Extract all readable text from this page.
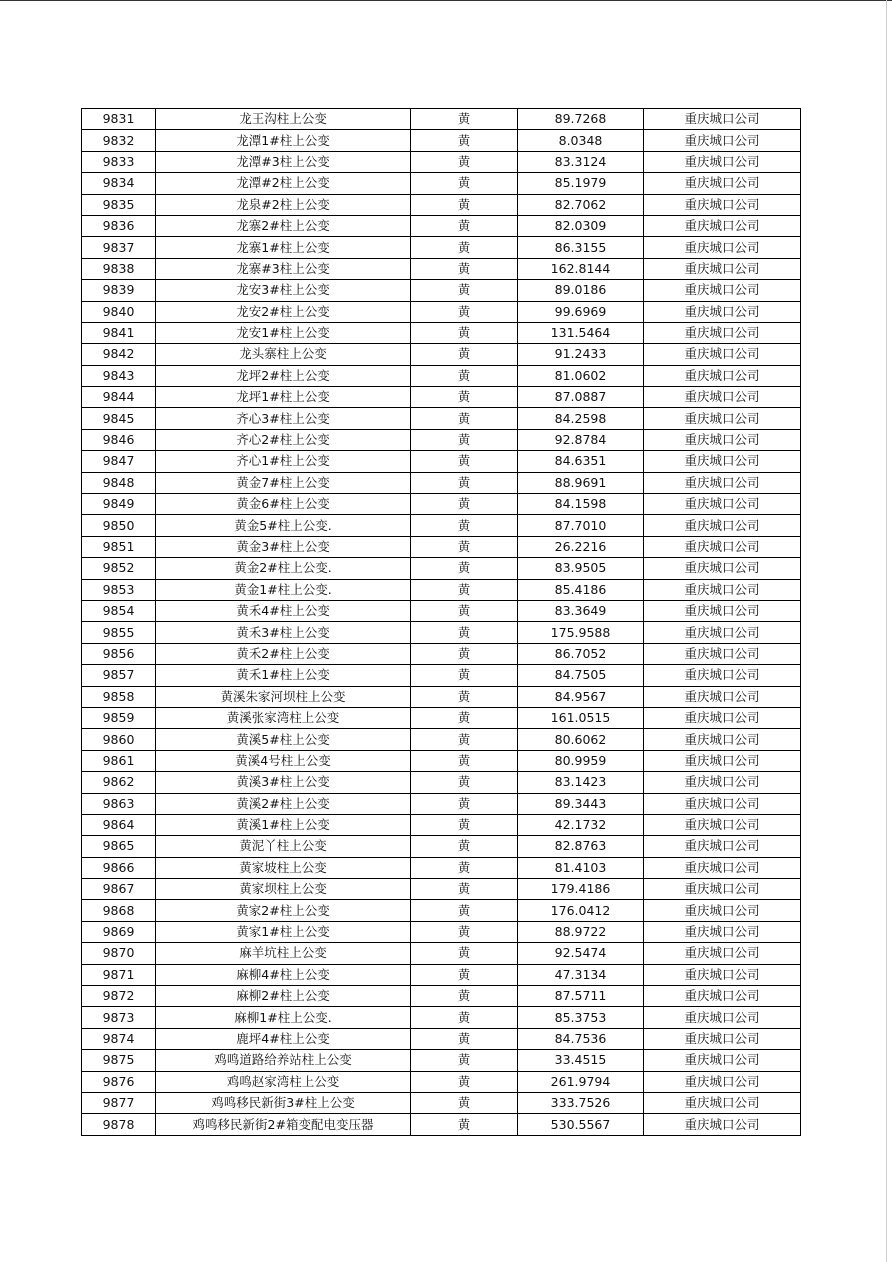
9831	龙王沟柱上公变	黄	89.7268	重庆城口公司
9832	龙潭1#柱上公变	黄	8.0348	重庆城口公司
9833	龙潭#3柱上公变	黄	83.3124	重庆城口公司
9834	龙潭#2柱上公变	黄	85.1979	重庆城口公司
9835	龙泉#2柱上公变	黄	82.7062	重庆城口公司
9836	龙寨2#柱上公变	黄	82.0309	重庆城口公司
9837	龙寨1#柱上公变	黄	86.3155	重庆城口公司
9838	龙寨#3柱上公变	黄	162.8144	重庆城口公司
9839	龙安3#柱上公变	黄	89.0186	重庆城口公司
9840	龙安2#柱上公变	黄	99.6969	重庆城口公司
9841	龙安1#柱上公变	黄	131.5464	重庆城口公司
9842	龙头寨柱上公变	黄	91.2433	重庆城口公司
9843	龙坪2#柱上公变	黄	81.0602	重庆城口公司
9844	龙坪1#柱上公变	黄	87.0887	重庆城口公司
9845	齐心3#柱上公变	黄	84.2598	重庆城口公司
9846	齐心2#柱上公变	黄	92.8784	重庆城口公司
9847	齐心1#柱上公变	黄	84.6351	重庆城口公司
9848	黄金7#柱上公变	黄	88.9691	重庆城口公司
9849	黄金6#柱上公变	黄	84.1598	重庆城口公司
9850	黄金5#柱上公变.	黄	87.7010	重庆城口公司
9851	黄金3#柱上公变	黄	26.2216	重庆城口公司
9852	黄金2#柱上公变.	黄	83.9505	重庆城口公司
9853	黄金1#柱上公变.	黄	85.4186	重庆城口公司
9854	黄禾4#柱上公变	黄	83.3649	重庆城口公司
9855	黄禾3#柱上公变	黄	175.9588	重庆城口公司
9856	黄禾2#柱上公变	黄	86.7052	重庆城口公司
9857	黄禾1#柱上公变	黄	84.7505	重庆城口公司
9858	黄溪朱家河坝柱上公变	黄	84.9567	重庆城口公司
9859	黄溪张家湾柱上公变	黄	161.0515	重庆城口公司
9860	黄溪5#柱上公变	黄	80.6062	重庆城口公司
9861	黄溪4号柱上公变	黄	80.9959	重庆城口公司
9862	黄溪3#柱上公变	黄	83.1423	重庆城口公司
9863	黄溪2#柱上公变	黄	89.3443	重庆城口公司
9864	黄溪1#柱上公变	黄	42.1732	重庆城口公司
9865	黄泥丫柱上公变	黄	82.8763	重庆城口公司
9866	黄家坡柱上公变	黄	81.4103	重庆城口公司
9867	黄家坝柱上公变	黄	179.4186	重庆城口公司
9868	黄家2#柱上公变	黄	176.0412	重庆城口公司
9869	黄家1#柱上公变	黄	88.9722	重庆城口公司
9870	麻羊坑柱上公变	黄	92.5474	重庆城口公司
9871	麻柳4#柱上公变	黄	47.3134	重庆城口公司
9872	麻柳2#柱上公变	黄	87.5711	重庆城口公司
9873	麻柳1#柱上公变.	黄	85.3753	重庆城口公司
9874	鹿坪4#柱上公变	黄	84.7536	重庆城口公司
9875	鸡鸣道路给养站柱上公变	黄	33.4515	重庆城口公司
9876	鸡鸣赵家湾柱上公变	黄	261.9794	重庆城口公司
9877	鸡鸣移民新街3#柱上公变	黄	333.7526	重庆城口公司
9878	鸡鸣移民新街2#箱变配电变压器	黄	530.5567	重庆城口公司
